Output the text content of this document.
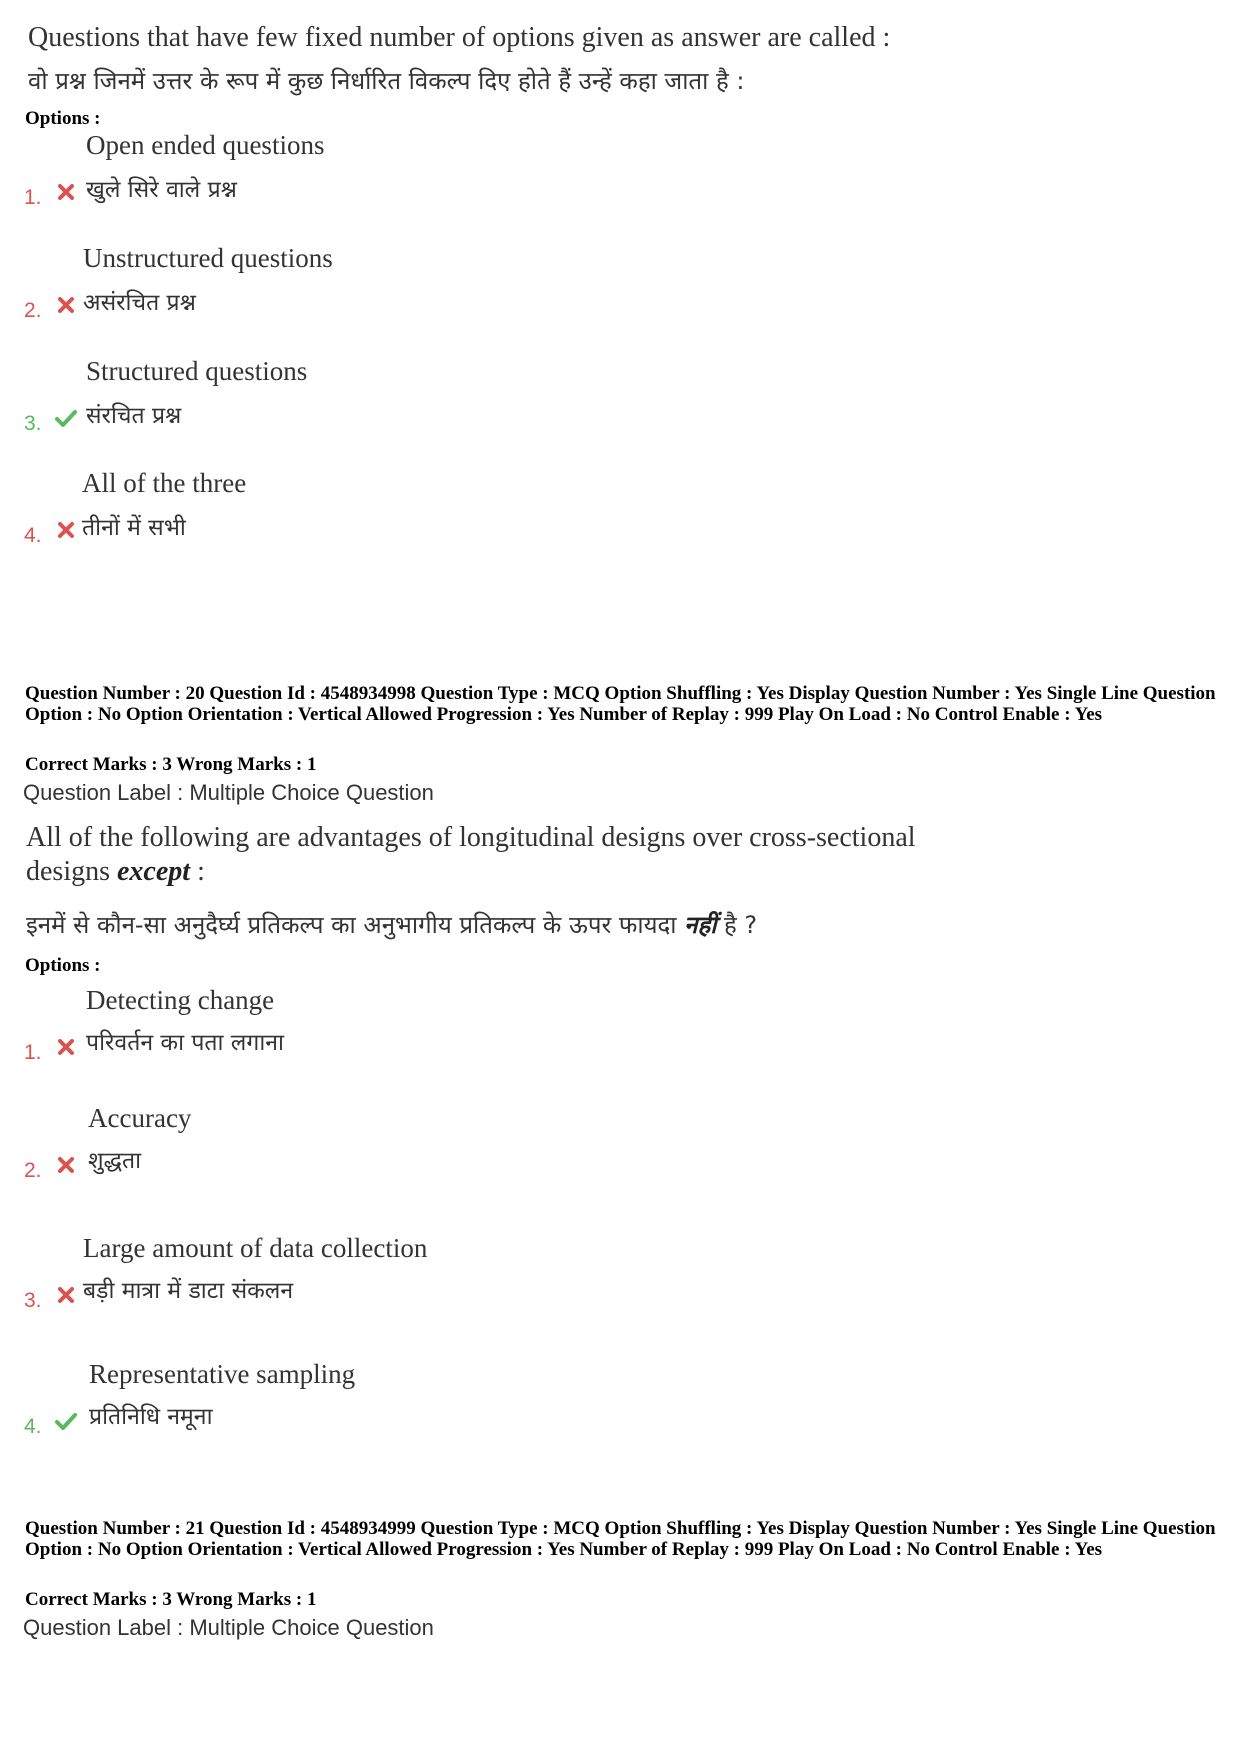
Questions that have few fixed number of options given as answer are called :
वो प्रश्न जिनमें उत्तर के रूप में कुछ निर्धारित विकल्प दिए होते हैं उन्हें कहा जाता है :
Options :
Open ended questions
खुले सिरे वाले प्रश्न
1.
Unstructured questions
असंरचित प्रश्न
2.
Structured questions
संरचित प्रश्न
3.
All of the three
तीनों में सभी
4.
Question Number : 20 Question Id : 4548934998 Question Type : MCQ Option Shuffling : Yes Display Question Number : Yes Single Line Question Option : No Option Orientation : Vertical Allowed Progression : Yes Number of Replay : 999 Play On Load : No Control Enable : Yes
Correct Marks : 3 Wrong Marks : 1
Question Label : Multiple Choice Question
All of the following are advantages of longitudinal designs over cross-sectional
designs except :
इनमें से कौन-सा अनुदैर्घ्य प्रतिकल्प का अनुभागीय प्रतिकल्प के ऊपर फायदा नहीं है ?
Options :
Detecting change
परिवर्तन का पता लगाना
1.
Accuracy
शुद्धता
2.
Large amount of data collection
बड़ी मात्रा में डाटा संकलन
3.
Representative sampling
प्रतिनिधि नमूना
4.
Question Number : 21 Question Id : 4548934999 Question Type : MCQ Option Shuffling : Yes Display Question Number : Yes Single Line Question Option : No Option Orientation : Vertical Allowed Progression : Yes Number of Replay : 999 Play On Load : No Control Enable : Yes
Correct Marks : 3 Wrong Marks : 1
Question Label : Multiple Choice Question
